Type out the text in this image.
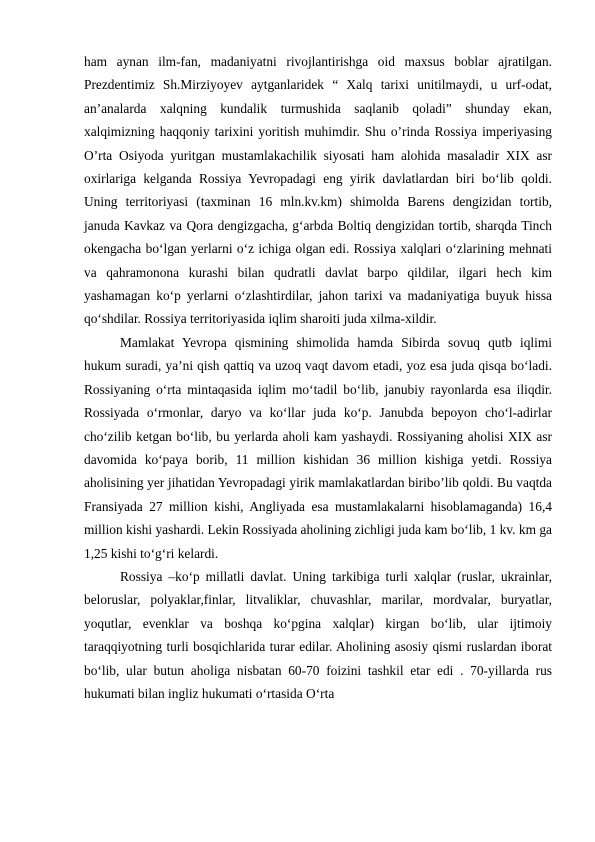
ham aynan ilm-fan, madaniyatni rivojlantirishga oid maxsus boblar ajratilgan. Prezdentimiz Sh.Mirziyoyev aytganlaridek “ Xalq tarixi unitilmaydi, u urf-odat, an’analarda xalqning kundalik turmushida saqlanib qoladi” shunday ekan, xalqimizning haqqoniy tarixini yoritish muhimdir. Shu o’rinda Rossiya imperiyasing O’rta Osiyoda yuritgan mustamlakachilik siyosati ham alohida masaladir XIX asr oxirlariga kelganda Rossiya Yevropadagi eng yirik davlatlardan biri bo‘lib qoldi. Uning territoriyasi (taxminan 16 mln.kv.km) shimolda Barens dengizidan tortib, januda Kavkaz va Qora dengizgacha, g‘arbda Boltiq dengizidan tortib, sharqda Tinch okengacha bo‘lgan yerlarni o‘z ichiga olgan edi. Rossiya xalqlari o‘zlarining mehnati va qahramonona kurashi bilan qudratli davlat barpo qildilar, ilgari hech kim yashamagan ko‘p yerlarni o‘zlashtirdilar, jahon tarixi va madaniyatiga buyuk hissa qo‘shdilar. Rossiya territoriyasida iqlim sharoiti juda xilma-xildir.

Mamlakat Yevropa qismining shimolida hamda Sibirda sovuq qutb iqlimi hukum suradi, ya’ni qish qattiq va uzoq vaqt davom etadi, yoz esa juda qisqa bo‘ladi. Rossiyaning o‘rta mintaqasida iqlim mo‘tadil bo‘lib, janubiy rayonlarda esa iliqdir. Rossiyada o‘rmonlar, daryo va ko‘llar juda ko‘p. Janubda bepoyon cho‘l-adirlar cho‘zilib ketgan bo‘lib, bu yerlarda aholi kam yashaydi. Rossiyaning aholisi XIX asr davomida ko‘paya borib, 11 million kishidan 36 million kishiga yetdi. Rossiya aholisining yer jihatidan Yevropadagi yirik mamlakatlardan biribo’lib qoldi. Bu vaqtda Fransiyada 27 million kishi, Angliyada esa mustamlakalarni hisoblamaganda) 16,4 million kishi yashardi. Lekin Rossiyada aholining zichligi juda kam bo‘lib, 1 kv. km ga 1,25 kishi to‘g‘ri kelardi.

Rossiya –ko‘p millatli davlat. Uning tarkibiga turli xalqlar (ruslar, ukrainlar, beloruslar, polyaklar,finlar, litvaliklar, chuvashlar, marilar, mordvalar, buryatlar, yoqutlar, evenklar va boshqa ko‘pgina xalqlar) kirgan bo‘lib, ular ijtimoiy taraqqiyotning turli bosqichlarida turar edilar. Aholining asosiy qismi ruslardan iborat bo‘lib, ular butun aholiga nisbatan 60-70 foizini tashkil etar edi . 70-yillarda rus hukumati bilan ingliz hukumati o‘rtasida O‘rta
